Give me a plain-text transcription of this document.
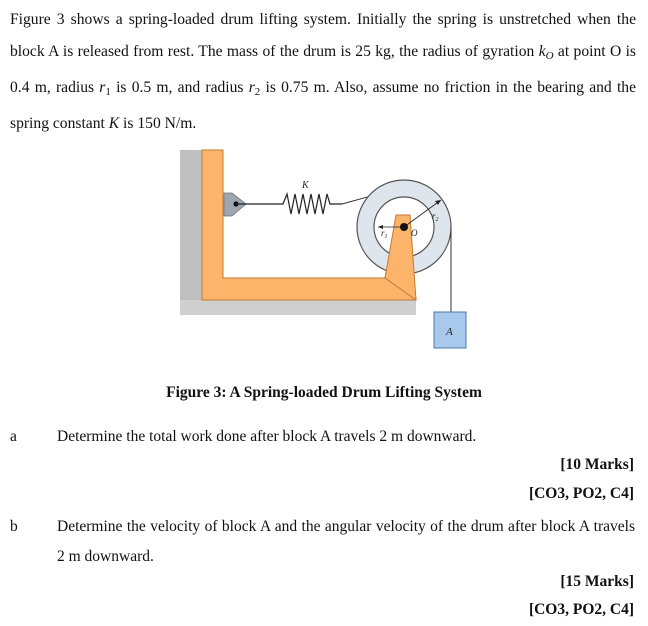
Figure 3 shows a spring-loaded drum lifting system. Initially the spring is unstretched when the block A is released from rest. The mass of the drum is 25 kg, the radius of gyration $k_O$ at point O is 0.4 m, radius $r_1$ is 0.5 m, and radius $r_2$ is 0.75 m. Also, assume no friction in the bearing and the spring constant K is 150 N/m.

K
$r_1$
$r_2$
O
A
Figure 3: A Spring-loaded Drum Lifting System
a	Determine the total work done after block A travels 2 m downward.
[10 Marks]
[CO3, PO2, C4]
b	Determine the velocity of block A and the angular velocity of the drum after block A travels 2 m downward.
[15 Marks]
[CO3, PO2, C4]
